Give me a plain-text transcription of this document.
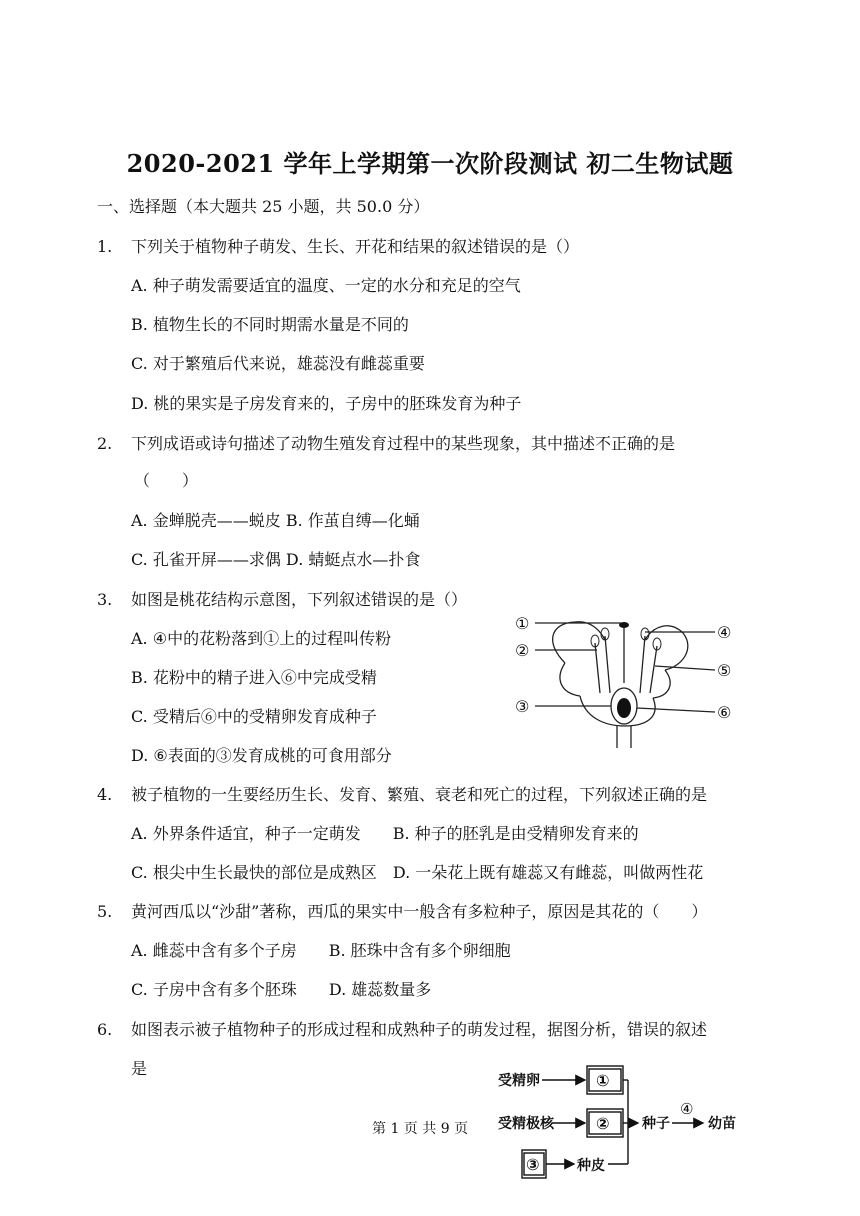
2020-2021 学年上学期第一次阶段测试 初二生物试题
一、选择题（本大题共 25 小题，共 50.0 分）
1. 下列关于植物种子萌发、生长、开花和结果的叙述错误的是（）
A. 种子萌发需要适宜的温度、一定的水分和充足的空气
B. 植物生长的不同时期需水量是不同的
C. 对于繁殖后代来说，雄蕊没有雌蕊重要
D. 桃的果实是子房发育来的，子房中的胚珠发育为种子
2. 下列成语或诗句描述了动物生殖发育过程中的某些现象，其中描述不正确的是
（　　）
A. 金蝉脱壳——蜕皮 B. 作茧自缚—化蛹
C. 孔雀开屏——求偶 D. 蜻蜓点水—扑食
3. 如图是桃花结构示意图，下列叙述错误的是（）
A. ④中的花粉落到①上的过程叫传粉
B. 花粉中的精子进入⑥中完成受精
C. 受精后⑥中的受精卵发育成种子
D. ⑥表面的③发育成桃的可食用部分
①
②
③
④
⑤
⑥
4. 被子植物的一生要经历生长、发育、繁殖、衰老和死亡的过程，下列叙述正确的是
A. 外界条件适宜，种子一定萌发　　B. 种子的胚乳是由受精卵发育来的
C. 根尖中生长最快的部位是成熟区　D. 一朵花上既有雄蕊又有雌蕊，叫做两性花
5. 黄河西瓜以“沙甜”著称，西瓜的果实中一般含有多粒种子，原因是其花的（　　）
A. 雌蕊中含有多个子房　　B. 胚珠中含有多个卵细胞
C. 子房中含有多个胚珠　　D. 雄蕊数量多
6. 如图表示被子植物种子的形成过程和成熟种子的萌发过程，据图分析，错误的叙述
是
受精卵
受精极核
①
②
③	种皮
种子
④
幼苗
第 1 页 共 9 页
